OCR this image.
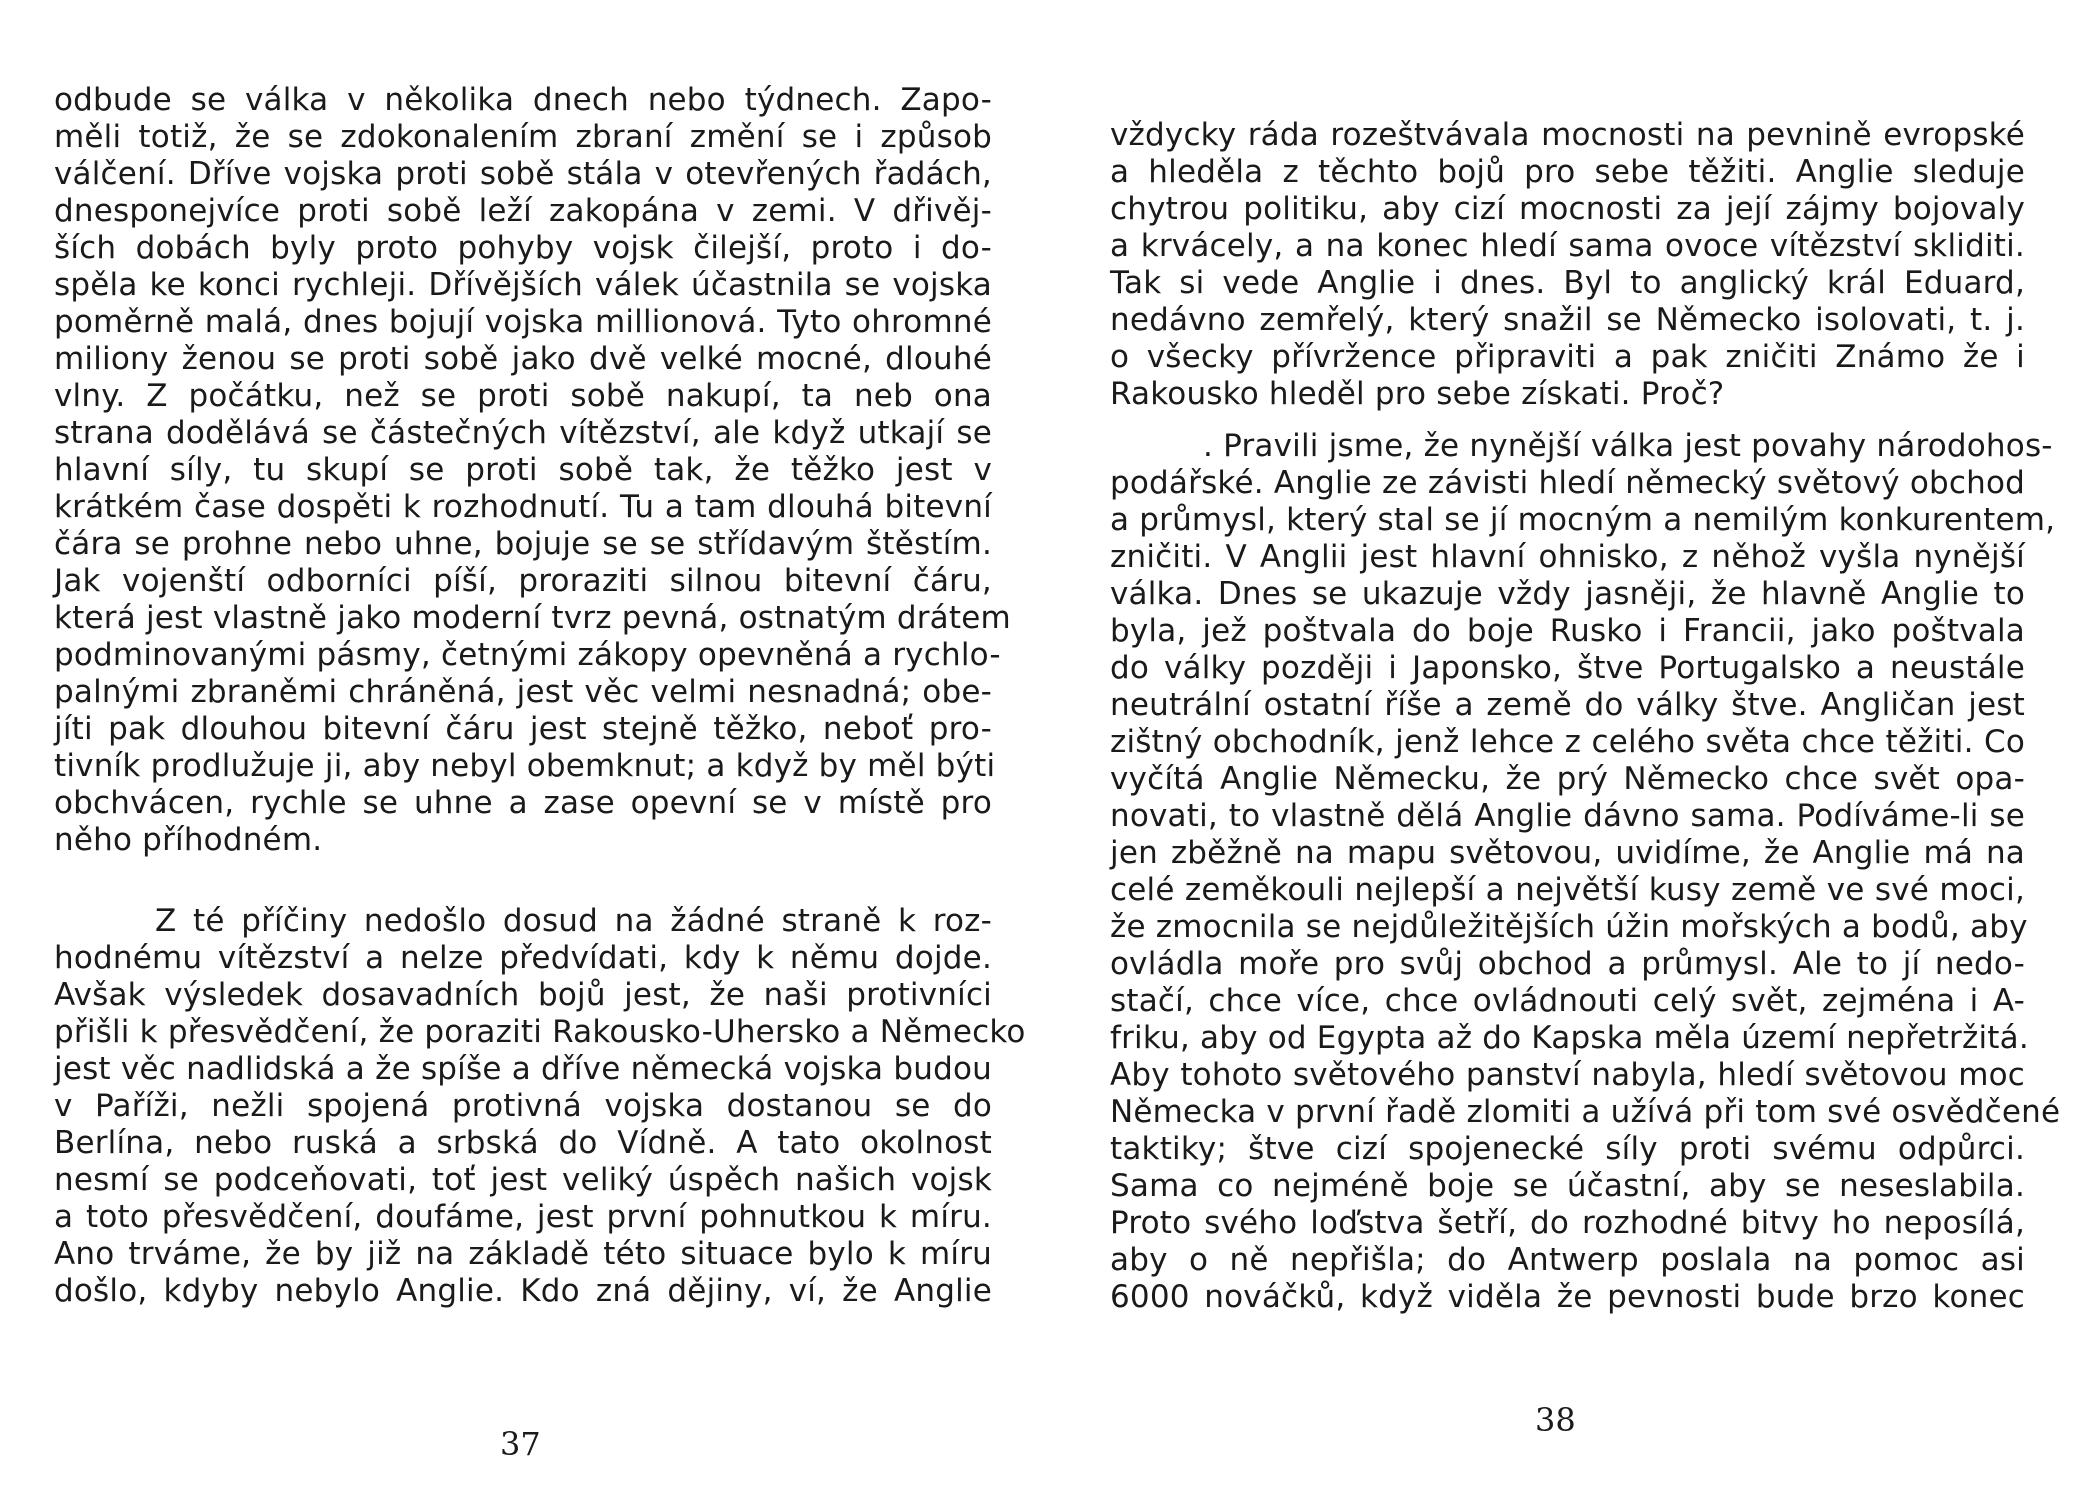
odbude se válka v několika dnech nebo týdnech. Zapo-
měli totiž, že se zdokonalením zbraní změní se i způsob
válčení. Dříve vojska proti sobě stála v otevřených řadách,
dnesponejvíce proti sobě leží zakopána v zemi. V dřivěj-
ších dobách byly proto pohyby vojsk čilejší, proto i do-
spěla ke konci rychleji. Dřívějších válek účastnila se vojska
poměrně malá, dnes bojují vojska millionová. Tyto ohromné
miliony ženou se proti sobě jako dvě velké mocné, dlouhé
vlny. Z počátku, než se proti sobě nakupí, ta neb ona
strana dodělává se částečných vítězství, ale když utkají se
hlavní síly, tu skupí se proti sobě tak, že těžko jest v
krátkém čase dospěti k rozhodnutí. Tu a tam dlouhá bitevní
čára se prohne nebo uhne, bojuje se se střídavým štěstím.
Jak vojenští odborníci píší, proraziti silnou bitevní čáru,
která jest vlastně jako moderní tvrz pevná, ostnatým drátem
podminovanými pásmy, četnými zákopy opevněná a rychlo-
palnými zbraněmi chráněná, jest věc velmi nesnadná; obe-
jíti pak dlouhou bitevní čáru jest stejně těžko, neboť pro-
tivník prodlužuje ji, aby nebyl obemknut; a když by měl býti
obchvácen, rychle se uhne a zase opevní se v místě pro
něho příhodném.
Z té příčiny nedošlo dosud na žádné straně k roz-
hodnému vítězství a nelze předvídati, kdy k němu dojde.
Avšak výsledek dosavadních bojů jest, že naši protivníci
přišli k přesvědčení, že poraziti Rakousko-Uhersko a Německo
jest věc nadlidská a že spíše a dříve německá vojska budou
v Paříži, nežli spojená protivná vojska dostanou se do
Berlína, nebo ruská a srbská do Vídně. A tato okolnost
nesmí se podceňovati, toť jest veliký úspěch našich vojsk
a toto přesvědčení, doufáme, jest první pohnutkou k míru.
Ano trváme, že by již na základě této situace bylo k míru
došlo, kdyby nebylo Anglie. Kdo zná dějiny, ví, že Anglie
37
vždycky ráda rozeštvávala mocnosti na pevnině evropské
a hleděla z těchto bojů pro sebe těžiti. Anglie sleduje
chytrou politiku, aby cizí mocnosti za její zájmy bojovaly
a krvácely, a na konec hledí sama ovoce vítězství skliditi.
Tak si vede Anglie i dnes. Byl to anglický král Eduard,
nedávno zemřelý, který snažil se Německo isolovati, t. j.
o všecky přívržence připraviti a pak zničiti Známo že i
Rakousko hleděl pro sebe získati. Proč?
. Pravili jsme, že nynější válka jest povahy národohos-
podářské. Anglie ze závisti hledí německý světový obchod
a průmysl, který stal se jí mocným a nemilým konkurentem,
zničiti. V Anglii jest hlavní ohnisko, z něhož vyšla nynější
válka. Dnes se ukazuje vždy jasněji, že hlavně Anglie to
byla, jež poštvala do boje Rusko i Francii, jako poštvala
do války později i Japonsko, štve Portugalsko a neustále
neutrální ostatní říše a země do války štve. Angličan jest
zištný obchodník, jenž lehce z celého světa chce těžiti. Co
vyčítá Anglie Německu, že prý Německo chce svět opa-
novati, to vlastně dělá Anglie dávno sama. Podíváme-li se
jen zběžně na mapu světovou, uvidíme, že Anglie má na
celé zeměkouli nejlepší a největší kusy země ve své moci,
že zmocnila se nejdůležitějších úžin mořských a bodů, aby
ovládla moře pro svůj obchod a průmysl. Ale to jí nedo-
stačí, chce více, chce ovládnouti celý svět, zejména i A-
friku, aby od Egypta až do Kapska měla území nepřetržitá.
Aby tohoto světového panství nabyla, hledí světovou moc
Německa v první řadě zlomiti a užívá při tom své osvědčené
taktiky; štve cizí spojenecké síly proti svému odpůrci.
Sama co nejméně boje se účastní, aby se neseslabila.
Proto svého loďstva šetří, do rozhodné bitvy ho neposílá,
aby o ně nepřišla; do Antwerp poslala na pomoc asi
6000 nováčků, když viděla že pevnosti bude brzo konec
38
